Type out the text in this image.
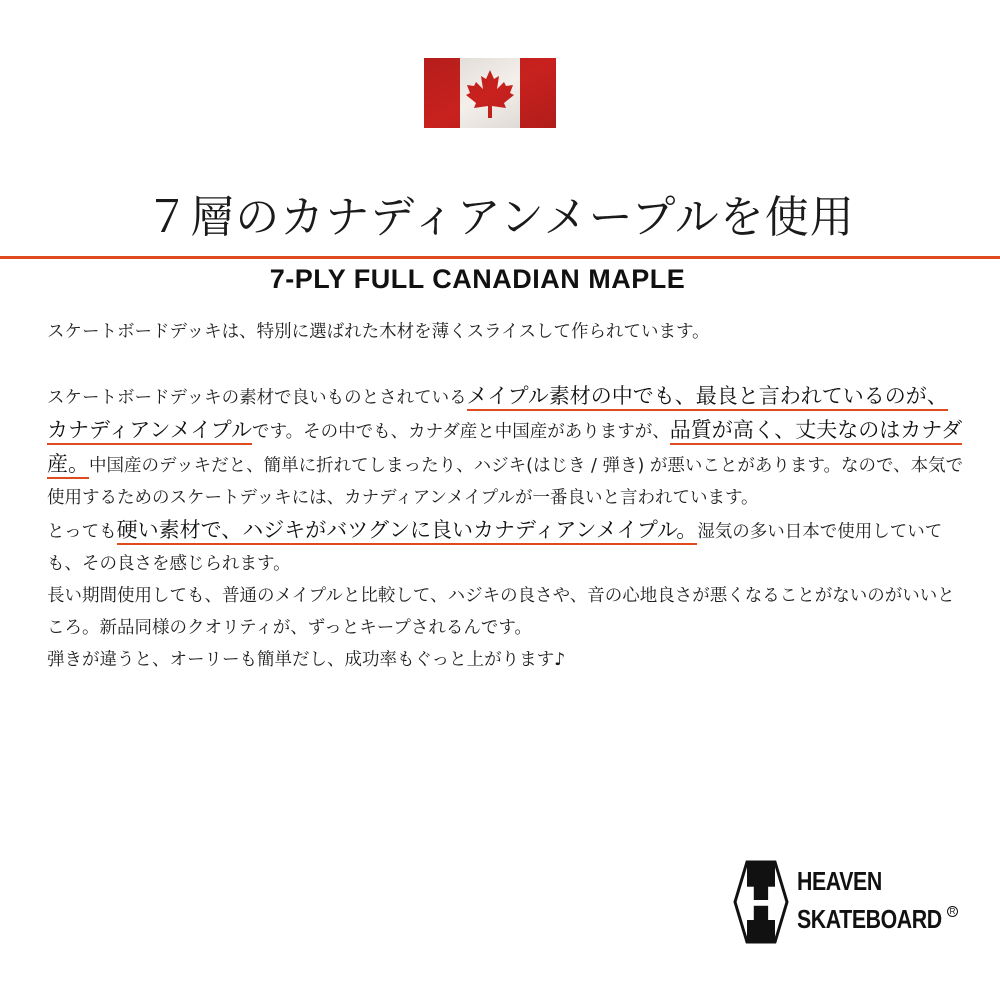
７層のカナディアンメープルを使用
7-PLY FULL CANADIAN MAPLE

スケートボードデッキは、特別に選ばれた木材を薄くスライスして作られています。

スケートボードデッキの素材で良いものとされているメイプル素材の中でも、最良と言われているのが、カナディアンメイプルです。その中でも、カナダ産と中国産がありますが、品質が高く、丈夫なのはカナダ産。中国産のデッキだと、簡単に折れてしまったり、ハジキ(はじき / 弾き) が悪いことがあります。なので、本気で使用するためのスケートデッキには、カナディアンメイプルが一番良いと言われています。

とっても硬い素材で、ハジキがバツグンに良いカナディアンメイプル。湿気の多い日本で使用していても、その良さを感じられます。

長い期間使用しても、普通のメイプルと比較して、ハジキの良さや、音の心地良さが悪くなることがないのがいいところ。新品同様のクオリティが、ずっとキープされるんです。

弾きが違うと、オーリーも簡単だし、成功率もぐっと上がります♪

H HEAVEN
SKATEBOARD R
